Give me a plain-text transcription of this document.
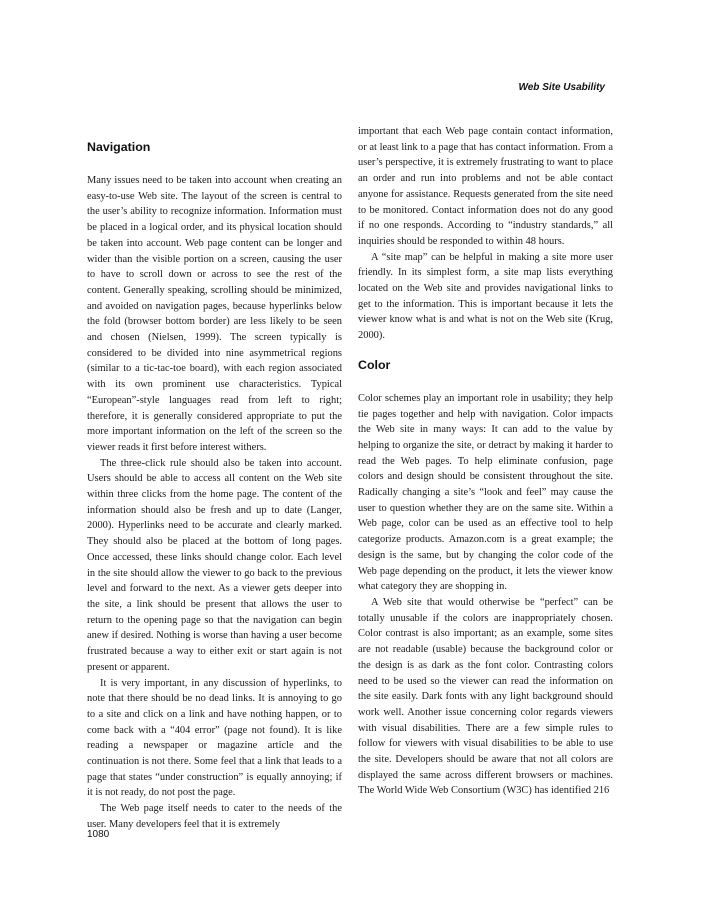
Web Site Usability
Navigation

Many issues need to be taken into account when creating an easy-to-use Web site. The layout of the screen is central to the user’s ability to recognize information. Information must be placed in a logical order, and its physical location should be taken into account. Web page content can be longer and wider than the visible portion on a screen, causing the user to have to scroll down or across to see the rest of the content. Generally speaking, scrolling should be minimized, and avoided on navigation pages, because hyperlinks below the fold (browser bottom border) are less likely to be seen and chosen (Nielsen, 1999). The screen typically is considered to be divided into nine asymmetrical regions (similar to a tic-tac-toe board), with each region associated with its own prominent use characteristics. Typical “European”-style languages read from left to right; therefore, it is generally considered appropriate to put the more important information on the left of the screen so the viewer reads it first before interest withers.

The three-click rule should also be taken into account. Users should be able to access all content on the Web site within three clicks from the home page. The content of the information should also be fresh and up to date (Langer, 2000). Hyperlinks need to be accurate and clearly marked. They should also be placed at the bottom of long pages. Once accessed, these links should change color. Each level in the site should allow the viewer to go back to the previous level and forward to the next. As a viewer gets deeper into the site, a link should be present that allows the user to return to the opening page so that the navigation can begin anew if desired. Nothing is worse than having a user become frustrated because a way to either exit or start again is not present or apparent.

It is very important, in any discussion of hyperlinks, to note that there should be no dead links. It is annoying to go to a site and click on a link and have nothing happen, or to come back with a “404 error” (page not found). It is like reading a newspaper or magazine article and the continuation is not there. Some feel that a link that leads to a page that states “under construction” is equally annoying; if it is not ready, do not post the page.

The Web page itself needs to cater to the needs of the user. Many developers feel that it is extremely

important that each Web page contain contact information, or at least link to a page that has contact information. From a user’s perspective, it is extremely frustrating to want to place an order and run into problems and not be able contact anyone for assistance. Requests generated from the site need to be monitored. Contact information does not do any good if no one responds. According to “industry standards,” all inquiries should be responded to within 48 hours.

A “site map” can be helpful in making a site more user friendly. In its simplest form, a site map lists everything located on the Web site and provides navigational links to get to the information. This is important because it lets the viewer know what is and what is not on the Web site (Krug, 2000).

Color

Color schemes play an important role in usability; they help tie pages together and help with navigation. Color impacts the Web site in many ways: It can add to the value by helping to organize the site, or detract by making it harder to read the Web pages. To help eliminate confusion, page colors and design should be consistent throughout the site. Radically changing a site’s “look and feel” may cause the user to question whether they are on the same site. Within a Web page, color can be used as an effective tool to help categorize products. Amazon.com is a great example; the design is the same, but by changing the color code of the Web page depending on the product, it lets the viewer know what category they are shopping in.

A Web site that would otherwise be “perfect” can be totally unusable if the colors are inappropriately chosen. Color contrast is also important; as an example, some sites are not readable (usable) because the background color or the design is as dark as the font color. Contrasting colors need to be used so the viewer can read the information on the site easily. Dark fonts with any light background should work well. Another issue concerning color regards viewers with visual disabilities. There are a few simple rules to follow for viewers with visual disabilities to be able to use the site. Developers should be aware that not all colors are displayed the same across different browsers or machines. The World Wide Web Consortium (W3C) has identified 216

1080
